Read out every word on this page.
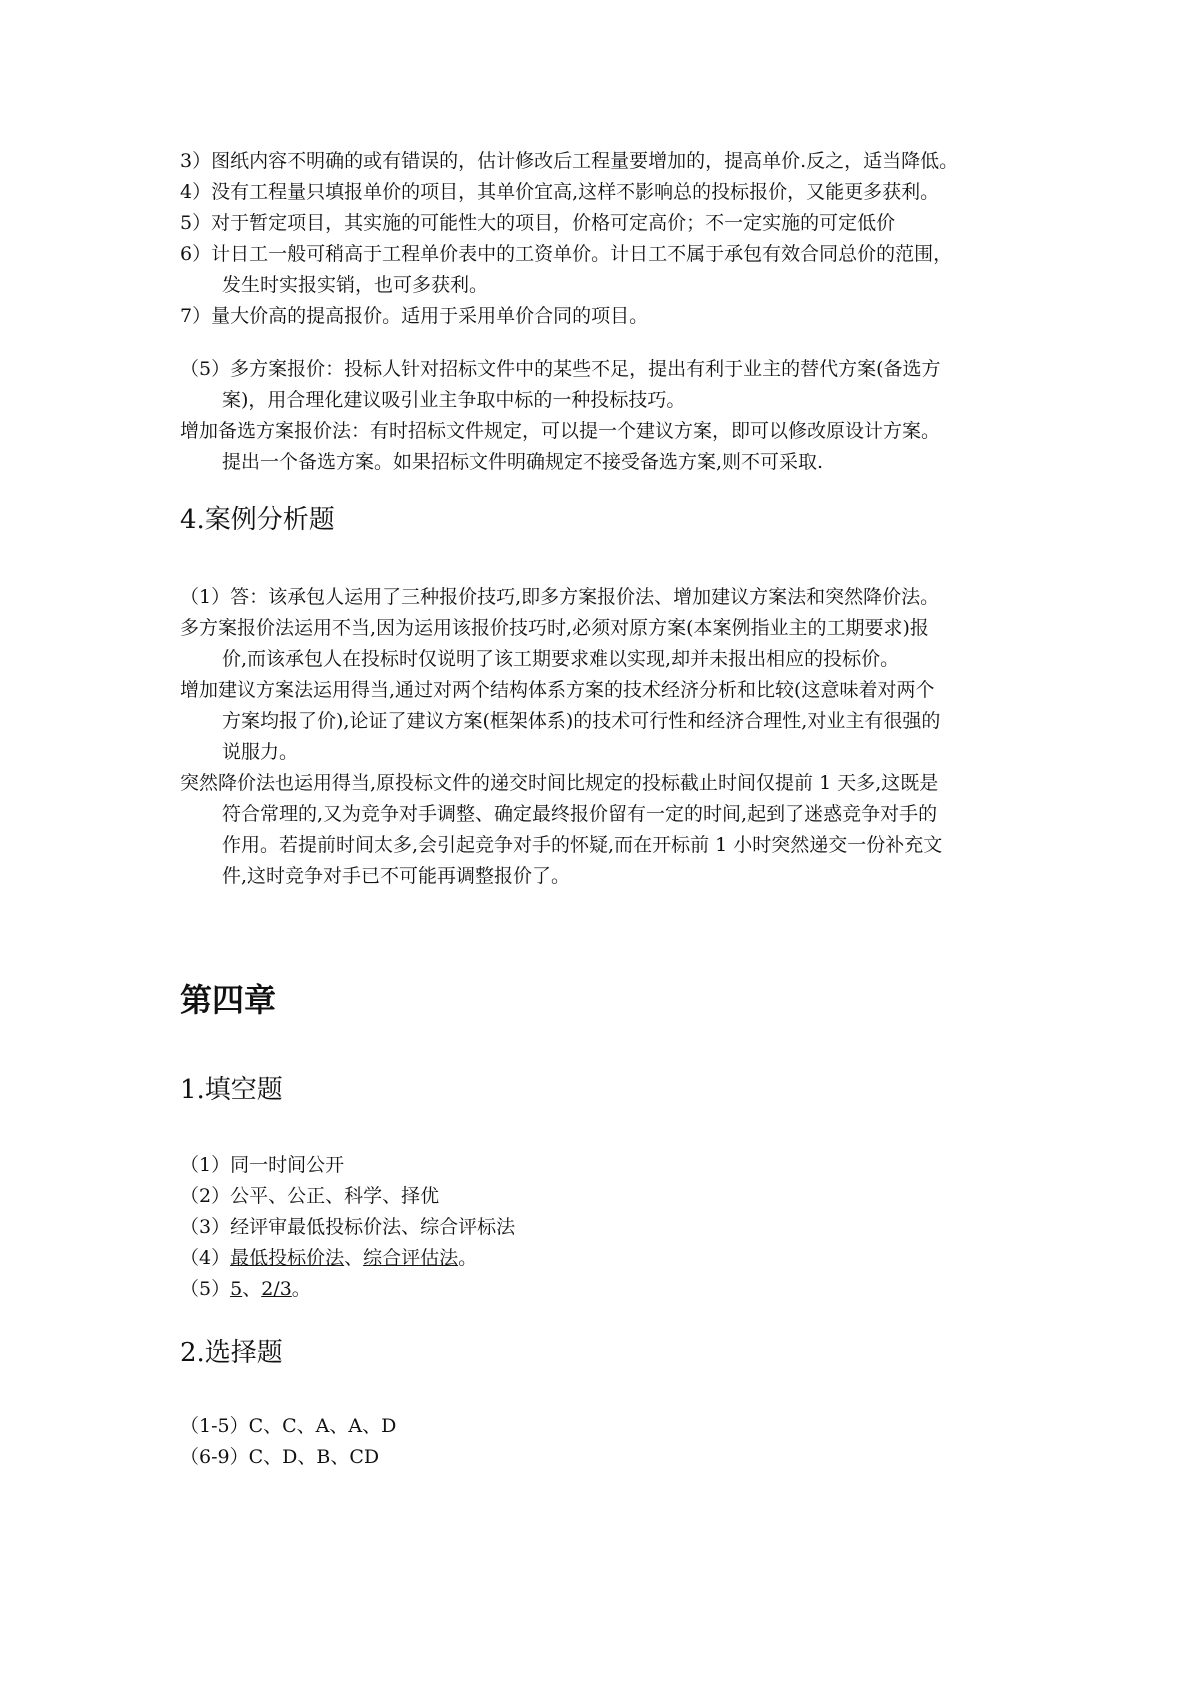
3）图纸内容不明确的或有错误的，估计修改后工程量要增加的，提高单价.反之，适当降低。
4）没有工程量只填报单价的项目，其单价宜高,这样不影响总的投标报价，又能更多获利。
5）对于暂定项目，其实施的可能性大的项目，价格可定高价；不一定实施的可定低价
6）计日工一般可稍高于工程单价表中的工资单价。计日工不属于承包有效合同总价的范围，
发生时实报实销，也可多获利。
7）量大价高的提高报价。适用于采用单价合同的项目。
（5）多方案报价：投标人针对招标文件中的某些不足，提出有利于业主的替代方案(备选方
案)，用合理化建议吸引业主争取中标的一种投标技巧。
增加备选方案报价法：有时招标文件规定，可以提一个建议方案，即可以修改原设计方案。
提出一个备选方案。如果招标文件明确规定不接受备选方案,则不可采取.
4.案例分析题
（1）答：该承包人运用了三种报价技巧,即多方案报价法、增加建议方案法和突然降价法。
多方案报价法运用不当,因为运用该报价技巧时,必须对原方案(本案例指业主的工期要求)报
价,而该承包人在投标时仅说明了该工期要求难以实现,却并未报出相应的投标价。
增加建议方案法运用得当,通过对两个结构体系方案的技术经济分析和比较(这意味着对两个
方案均报了价),论证了建议方案(框架体系)的技术可行性和经济合理性,对业主有很强的
说服力。
突然降价法也运用得当,原投标文件的递交时间比规定的投标截止时间仅提前 1 天多,这既是
符合常理的,又为竞争对手调整、确定最终报价留有一定的时间,起到了迷惑竞争对手的
作用。若提前时间太多,会引起竞争对手的怀疑,而在开标前 1 小时突然递交一份补充文
件,这时竞争对手已不可能再调整报价了。
第四章
1.填空题
（1）同一时间公开
（2）公平、公正、科学、择优
（3）经评审最低投标价法、综合评标法
（4）最低投标价法、综合评估法。
（5）5、2/3。
2.选择题
（1-5）C、C、A、A、D
（6-9）C、D、B、CD
